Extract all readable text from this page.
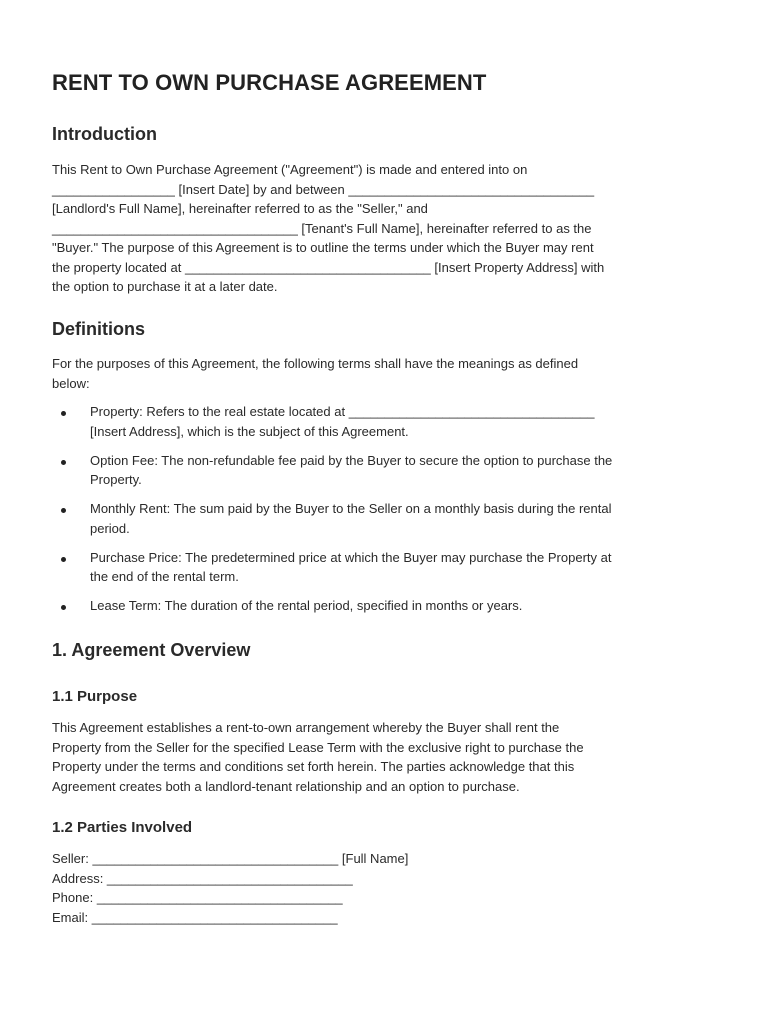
RENT TO OWN PURCHASE AGREEMENT
Introduction
This Rent to Own Purchase Agreement ("Agreement") is made and entered into on
_________________ [Insert Date] by and between __________________________________
[Landlord's Full Name], hereinafter referred to as the "Seller," and
__________________________________ [Tenant's Full Name], hereinafter referred to as the
"Buyer." The purpose of this Agreement is to outline the terms under which the Buyer may rent
the property located at __________________________________ [Insert Property Address] with
the option to purchase it at a later date.
Definitions
For the purposes of this Agreement, the following terms shall have the meanings as defined
below:
Property: Refers to the real estate located at __________________________________
[Insert Address], which is the subject of this Agreement.
Option Fee: The non-refundable fee paid by the Buyer to secure the option to purchase the
Property.
Monthly Rent: The sum paid by the Buyer to the Seller on a monthly basis during the rental
period.
Purchase Price: The predetermined price at which the Buyer may purchase the Property at
the end of the rental term.
Lease Term: The duration of the rental period, specified in months or years.
1. Agreement Overview
1.1 Purpose
This Agreement establishes a rent-to-own arrangement whereby the Buyer shall rent the
Property from the Seller for the specified Lease Term with the exclusive right to purchase the
Property under the terms and conditions set forth herein. The parties acknowledge that this
Agreement creates both a landlord-tenant relationship and an option to purchase.
1.2 Parties Involved
Seller: __________________________________ [Full Name]
Address: __________________________________
Phone: __________________________________
Email: __________________________________
